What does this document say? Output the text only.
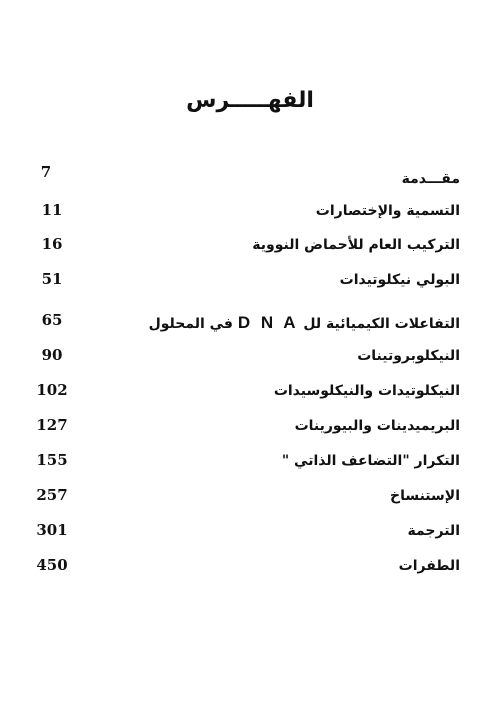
الفهـــــرس
مقـــدمة
7
التسمية والإختصارات
11
التركيب العام للأحماض النووية
16
البولي نيكلوتيدات
51
التفاعلات الكيميائية لل D N A في المحلول
65
النيكلوبروتينات
90
النيكلوتيدات والنيكلوسيدات
102
البريميدينات والبيورينات
127
التكرار "التضاعف الذاتي "
155
الإستنساخ
257
الترجمة
301
الطفرات
450
